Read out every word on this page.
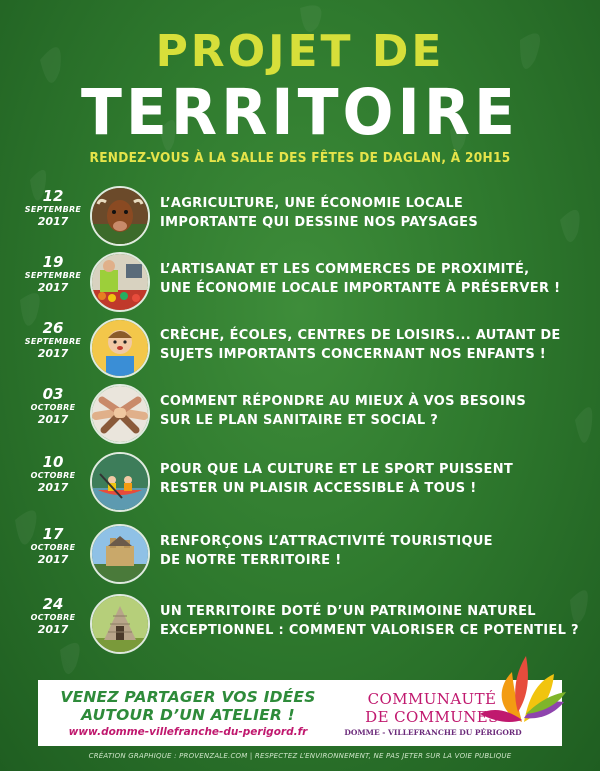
PROJET DE
TERRITOIRE
RENDEZ-VOUS À LA SALLE DES FÊTES DE DAGLAN, À 20H15
12
SEPTEMBRE
2017
L’AGRICULTURE, UNE ÉCONOMIE LOCALE
IMPORTANTE QUI DESSINE NOS PAYSAGES
19
SEPTEMBRE
2017
L’ARTISANAT ET LES COMMERCES DE PROXIMITÉ,
UNE ÉCONOMIE LOCALE IMPORTANTE À PRÉSERVER !
26
SEPTEMBRE
2017
CRÈCHE, ÉCOLES, CENTRES DE LOISIRS... AUTANT DE
SUJETS IMPORTANTS CONCERNANT NOS ENFANTS !
03
OCTOBRE
2017
COMMENT RÉPONDRE AU MIEUX À VOS BESOINS
SUR LE PLAN SANITAIRE ET SOCIAL ?
10
OCTOBRE
2017
POUR QUE LA CULTURE ET LE SPORT PUISSENT
RESTER UN PLAISIR ACCESSIBLE À TOUS !
17
OCTOBRE
2017
RENFORÇONS L’ATTRACTIVITÉ TOURISTIQUE
DE NOTRE TERRITOIRE !
24
OCTOBRE
2017
UN TERRITOIRE DOTÉ D’UN PATRIMOINE NATUREL
EXCEPTIONNEL : COMMENT VALORISER CE POTENTIEL ?
VENEZ PARTAGER VOS IDÉES
AUTOUR D’UN ATELIER !
www.domme-villefranche-du-perigord.fr
COMMUNAUTÉ
DE COMMUNES
DOMME - VILLEFRANCHE DU PÉRIGORD
CRÉATION GRAPHIQUE : PROVENZALE.COM | RESPECTEZ L’ENVIRONNEMENT, NE PAS JETER SUR LA VOIE PUBLIQUE
